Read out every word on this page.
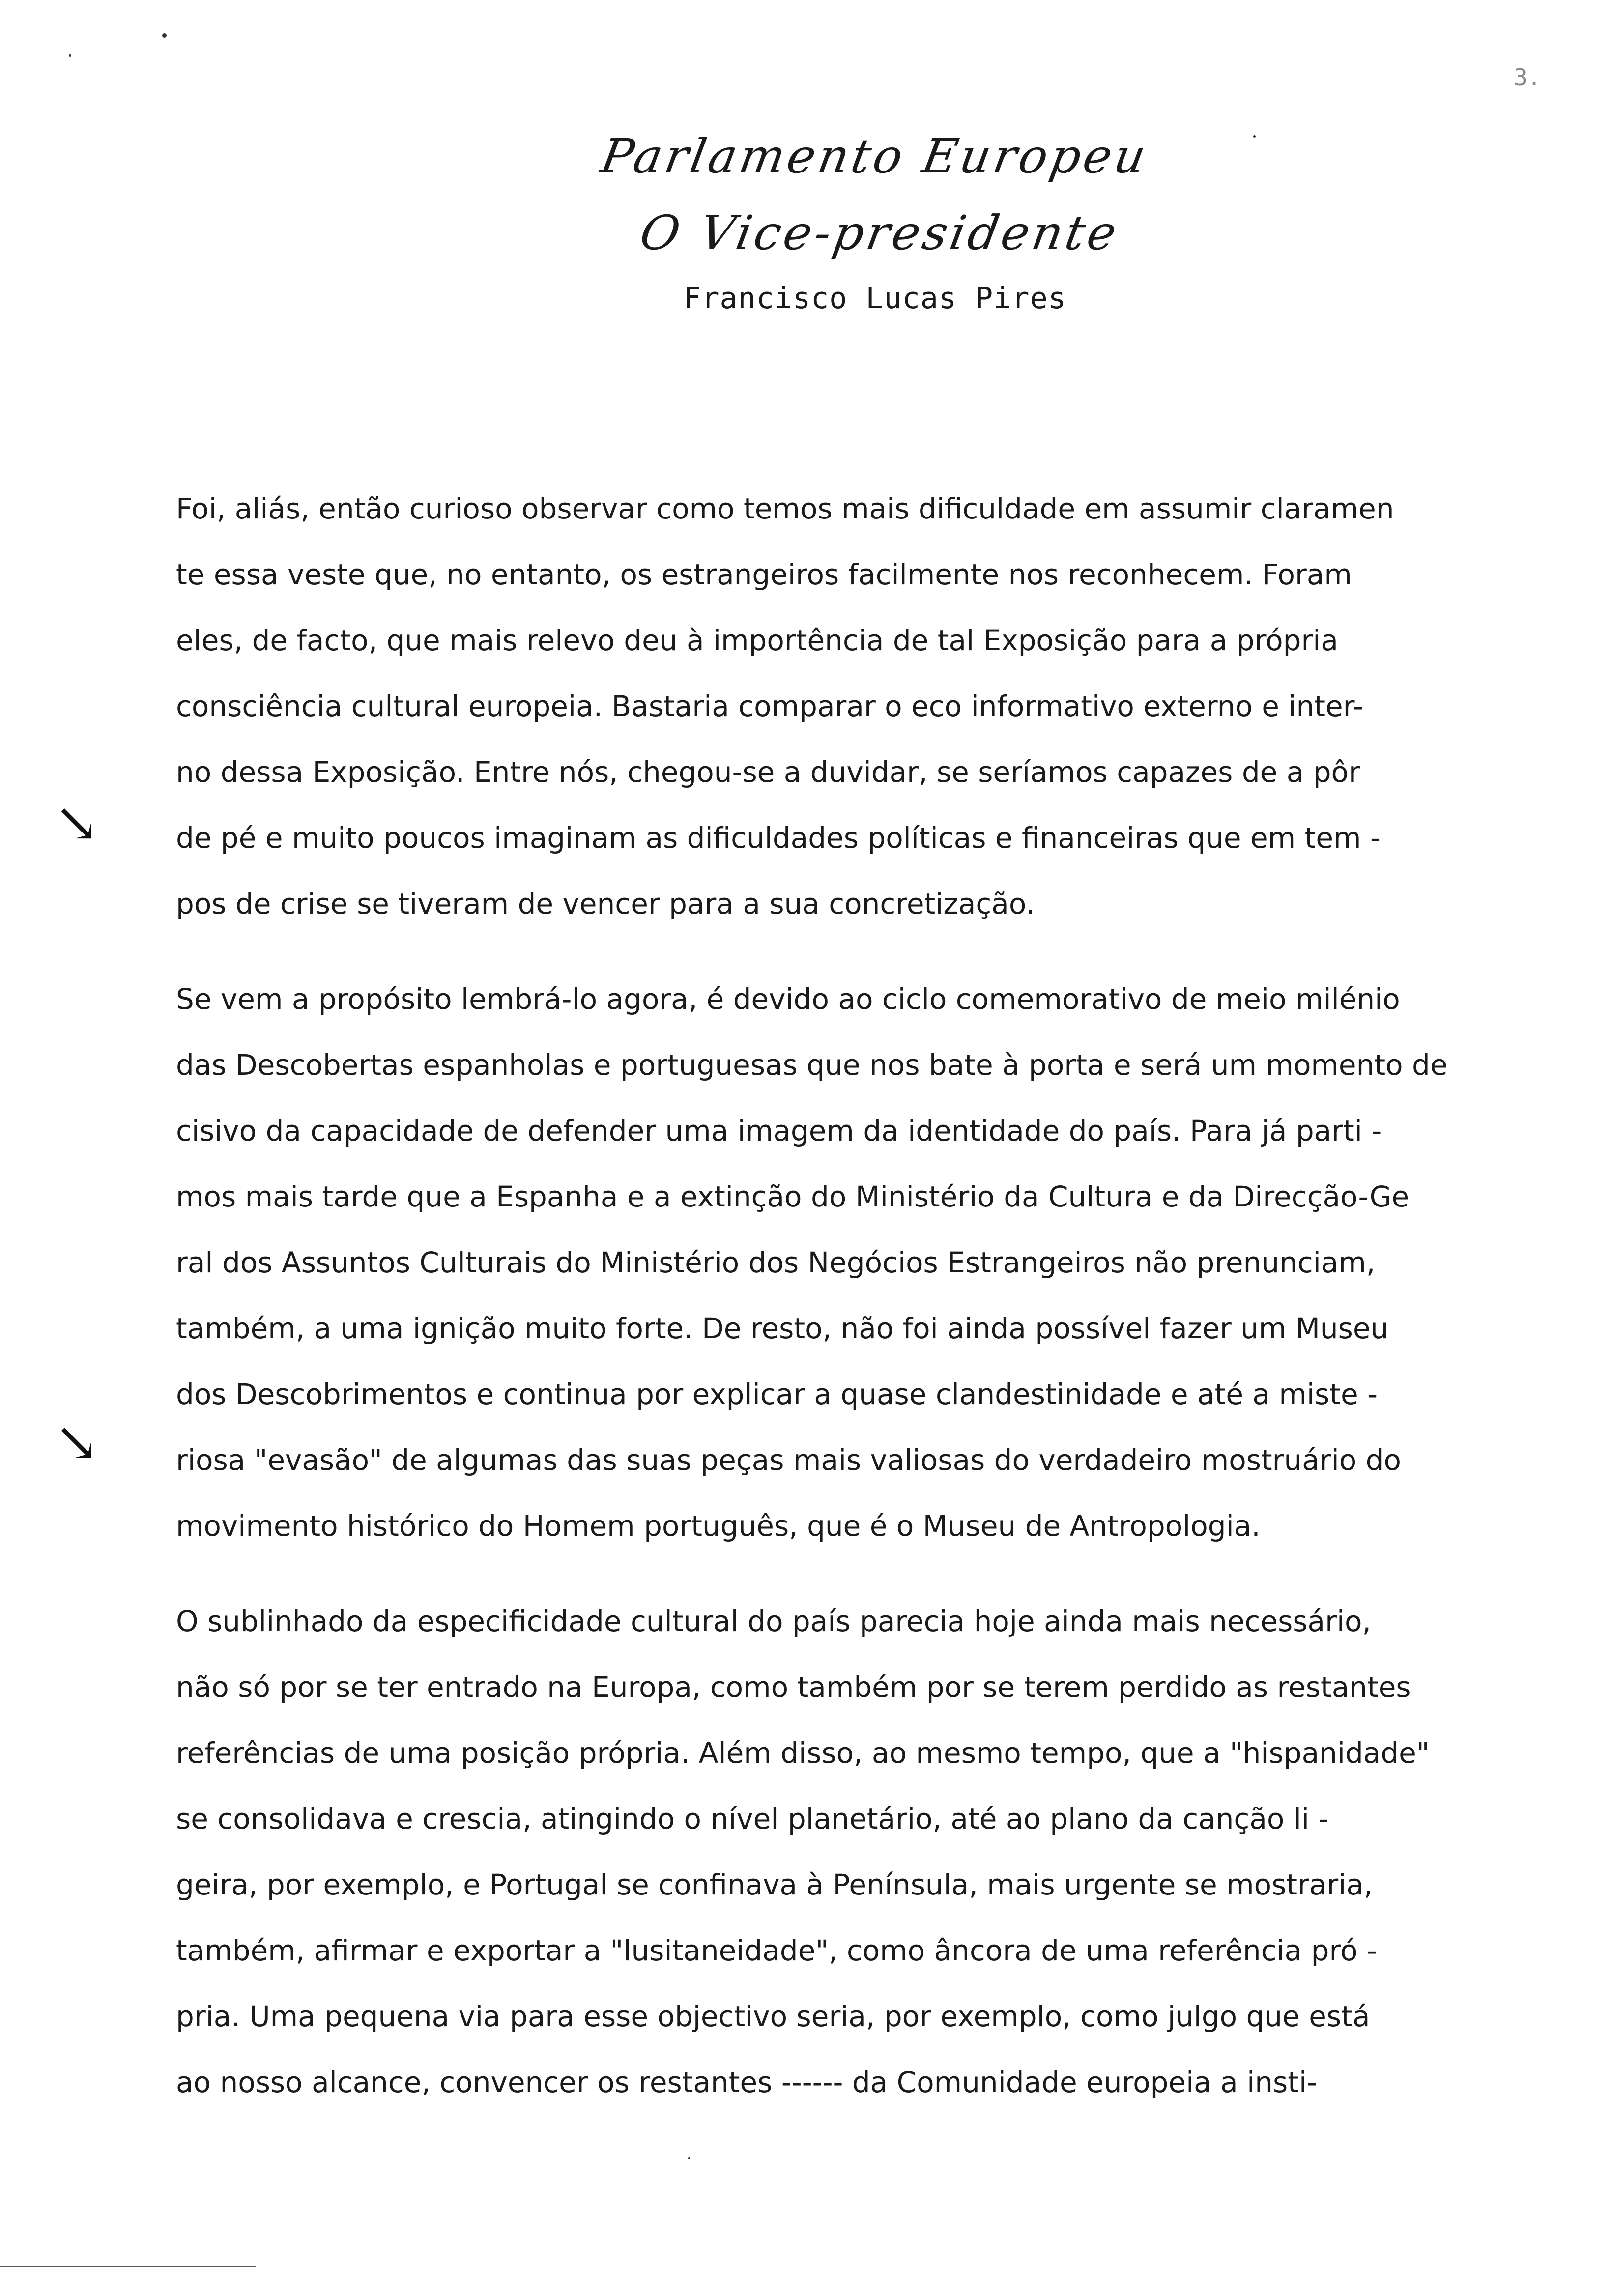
3.
Parlamento Europeu
O Vice-presidente
Francisco Lucas Pires
↘
↘
Foi, aliás, então curioso observar como temos mais dificuldade em assumir claramen
te essa veste que, no entanto, os estrangeiros facilmente nos reconhecem. Foram
eles, de facto, que mais relevo deu à importência de tal Exposição para a própria
consciência cultural europeia. Bastaria comparar o eco informativo externo e inter-
no dessa Exposição. Entre nós, chegou-se a duvidar, se seríamos capazes de a pôr
de pé e muito poucos imaginam as dificuldades políticas e financeiras que em tem -
pos de crise se tiveram de vencer para a sua concretização.
Se vem a propósito lembrá-lo agora, é devido ao ciclo comemorativo de meio milénio
das Descobertas espanholas e portuguesas que nos bate à porta e será um momento de
cisivo da capacidade de defender uma imagem da identidade do país. Para já parti -
mos mais tarde que a Espanha e a extinção do Ministério da Cultura e da Direcção-Ge
ral dos Assuntos Culturais do Ministério dos Negócios Estrangeiros não prenunciam,
também, a uma ignição muito forte. De resto, não foi ainda possível fazer um Museu
dos Descobrimentos e continua por explicar a quase clandestinidade e até a miste -
riosa "evasão" de algumas das suas peças mais valiosas do verdadeiro mostruário do
movimento histórico do Homem português, que é o Museu de Antropologia.
O sublinhado da especificidade cultural do país parecia hoje ainda mais necessário,
não só por se ter entrado na Europa, como também por se terem perdido as restantes
referências de uma posição própria. Além disso, ao mesmo tempo, que a "hispanidade"
se consolidava e crescia, atingindo o nível planetário, até ao plano da canção li -
geira, por exemplo, e Portugal se confinava à Península, mais urgente se mostraria,
também, afirmar e exportar a "lusitaneidade", como âncora de uma referência pró -
pria. Uma pequena via para esse objectivo seria, por exemplo, como julgo que está
ao nosso alcance, convencer os restantes ------ da Comunidade europeia a insti-
